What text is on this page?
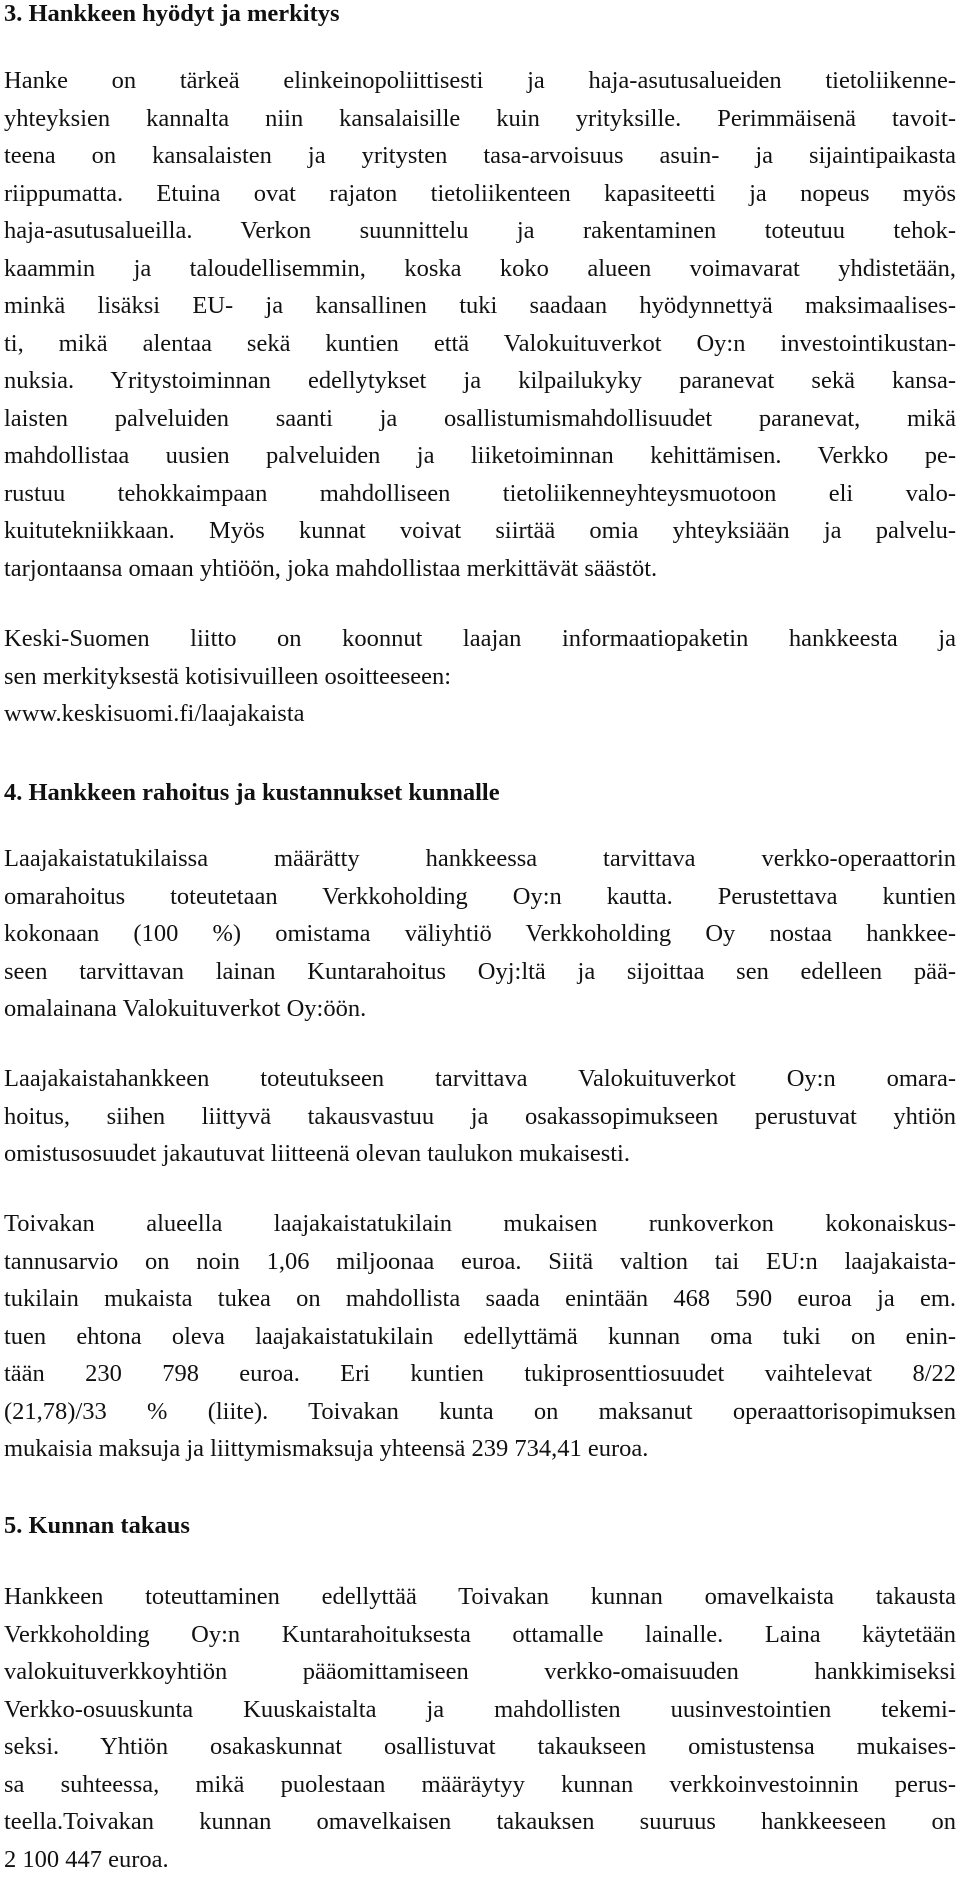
3. Hankkeen hyödyt ja merkitys

Hanke on tärkeä elinkeinopoliittisesti ja haja-asutusalueiden tietoliikenne-
yhteyksien kannalta niin kansalaisille kuin yrityksille. Perimmäisenä tavoit-
teena on kansalaisten ja yritysten tasa-arvoisuus asuin- ja sijaintipaikasta
riippumatta. Etuina ovat rajaton tietoliikenteen kapasiteetti ja nopeus myös
haja-asutusalueilla. Verkon suunnittelu ja rakentaminen toteutuu tehok-
kaammin ja taloudellisemmin, koska koko alueen voimavarat yhdistetään,
minkä lisäksi EU- ja kansallinen tuki saadaan hyödynnettyä maksimaalises-
ti, mikä alentaa sekä kuntien että Valokuituverkot Oy:n investointikustan-
nuksia. Yritystoiminnan edellytykset ja kilpailukyky paranevat sekä kansa-
laisten palveluiden saanti ja osallistumismahdollisuudet paranevat, mikä
mahdollistaa uusien palveluiden ja liiketoiminnan kehittämisen. Verkko pe-
rustuu tehokkaimpaan mahdolliseen tietoliikenneyhteysmuotoon eli valo-
kuitutekniikkaan. Myös kunnat voivat siirtää omia yhteyksiään ja palvelu-
tarjontaansa omaan yhtiöön, joka mahdollistaa merkittävät säästöt.

Keski-Suomen liitto on koonnut laajan informaatiopaketin hankkeesta ja
sen merkityksestä kotisivuilleen osoitteeseen:
www.keskisuomi.fi/laajakaista

4. Hankkeen rahoitus ja kustannukset kunnalle

Laajakaistatukilaissa määrätty hankkeessa tarvittava verkko-operaattorin
omarahoitus toteutetaan Verkkoholding Oy:n kautta. Perustettava kuntien
kokonaan (100 %) omistama väliyhtiö Verkkoholding Oy nostaa hankkee-
seen tarvittavan lainan Kuntarahoitus Oyj:ltä ja sijoittaa sen edelleen pää-
omalainana Valokuituverkot Oy:öön.

Laajakaistahankkeen toteutukseen tarvittava Valokuituverkot Oy:n omara-
hoitus, siihen liittyvä takausvastuu ja osakassopimukseen perustuvat yhtiön
omistusosuudet jakautuvat liitteenä olevan taulukon mukaisesti.

Toivakan alueella laajakaistatukilain mukaisen runkoverkon kokonaiskus-
tannusarvio on noin 1,06 miljoonaa euroa. Siitä valtion tai EU:n laajakaista-
tukilain mukaista tukea on mahdollista saada enintään 468 590 euroa ja em.
tuen ehtona oleva laajakaistatukilain edellyttämä kunnan oma tuki on enin-
tään 230 798 euroa. Eri kuntien tukiprosenttiosuudet vaihtelevat 8/22
(21,78)/33 % (liite). Toivakan kunta on maksanut operaattorisopimuksen
mukaisia maksuja ja liittymismaksuja yhteensä 239 734,41 euroa.

5. Kunnan takaus

Hankkeen toteuttaminen edellyttää Toivakan kunnan omavelkaista takausta
Verkkoholding Oy:n Kuntarahoituksesta ottamalle lainalle. Laina käytetään
valokuituverkkoyhtiön pääomittamiseen verkko-omaisuuden hankkimiseksi
Verkko-osuuskunta Kuuskaistalta ja mahdollisten uusinvestointien tekemi-
seksi. Yhtiön osakaskunnat osallistuvat takaukseen omistustensa mukaises-
sa suhteessa, mikä puolestaan määräytyy kunnan verkkoinvestoinnin perus-
teella.Toivakan kunnan omavelkaisen takauksen suuruus hankkeeseen on
2 100 447 euroa.
